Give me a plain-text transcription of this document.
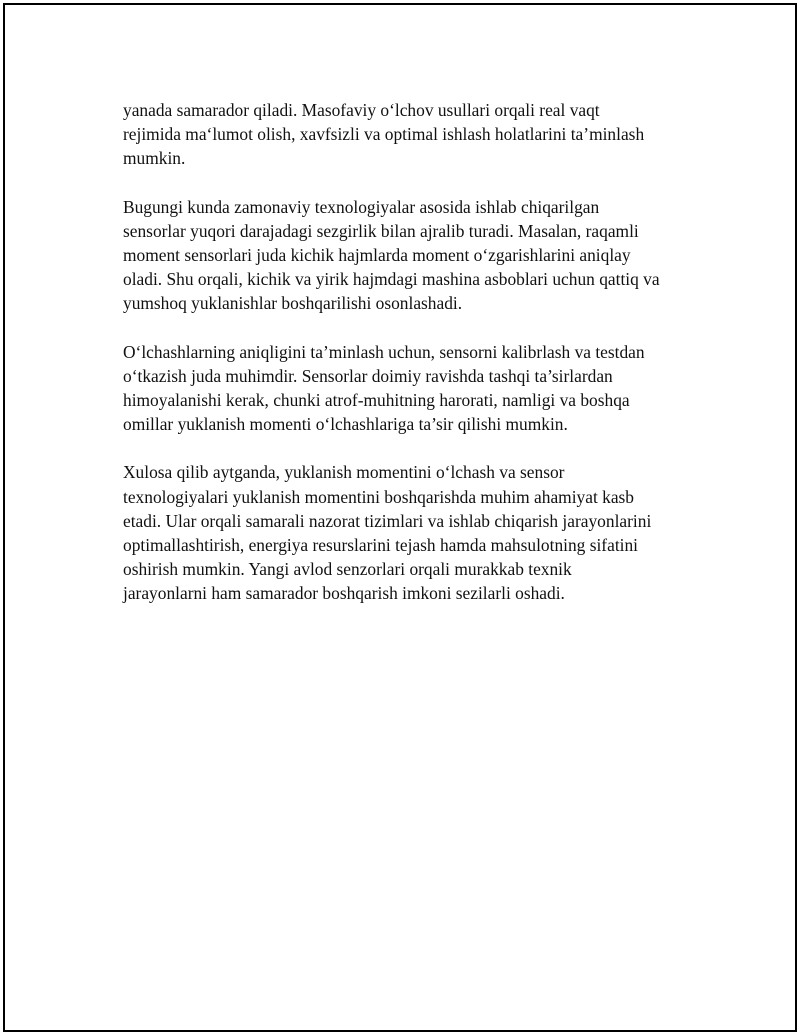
yanada samarador qiladi. Masofaviy o‘lchov usullari orqali real vaqt
rejimida ma‘lumot olish, xavfsizli va optimal ishlash holatlarini ta’minlash
mumkin.

Bugungi kunda zamonaviy texnologiyalar asosida ishlab chiqarilgan
sensorlar yuqori darajadagi sezgirlik bilan ajralib turadi. Masalan, raqamli
moment sensorlari juda kichik hajmlarda moment o‘zgarishlarini aniqlay
oladi. Shu orqali, kichik va yirik hajmdagi mashina asboblari uchun qattiq va
yumshoq yuklanishlar boshqarilishi osonlashadi.

O‘lchashlarning aniqligini ta’minlash uchun, sensorni kalibrlash va testdan
o‘tkazish juda muhimdir. Sensorlar doimiy ravishda tashqi ta’sirlardan
himoyalanishi kerak, chunki atrof-muhitning harorati, namligi va boshqa
omillar yuklanish momenti o‘lchashlariga ta’sir qilishi mumkin.

Xulosa qilib aytganda, yuklanish momentini o‘lchash va sensor
texnologiyalari yuklanish momentini boshqarishda muhim ahamiyat kasb
etadi. Ular orqali samarali nazorat tizimlari va ishlab chiqarish jarayonlarini
optimallashtirish, energiya resurslarini tejash hamda mahsulotning sifatini
oshirish mumkin. Yangi avlod senzorlari orqali murakkab texnik
jarayonlarni ham samarador boshqarish imkoni sezilarli oshadi.
